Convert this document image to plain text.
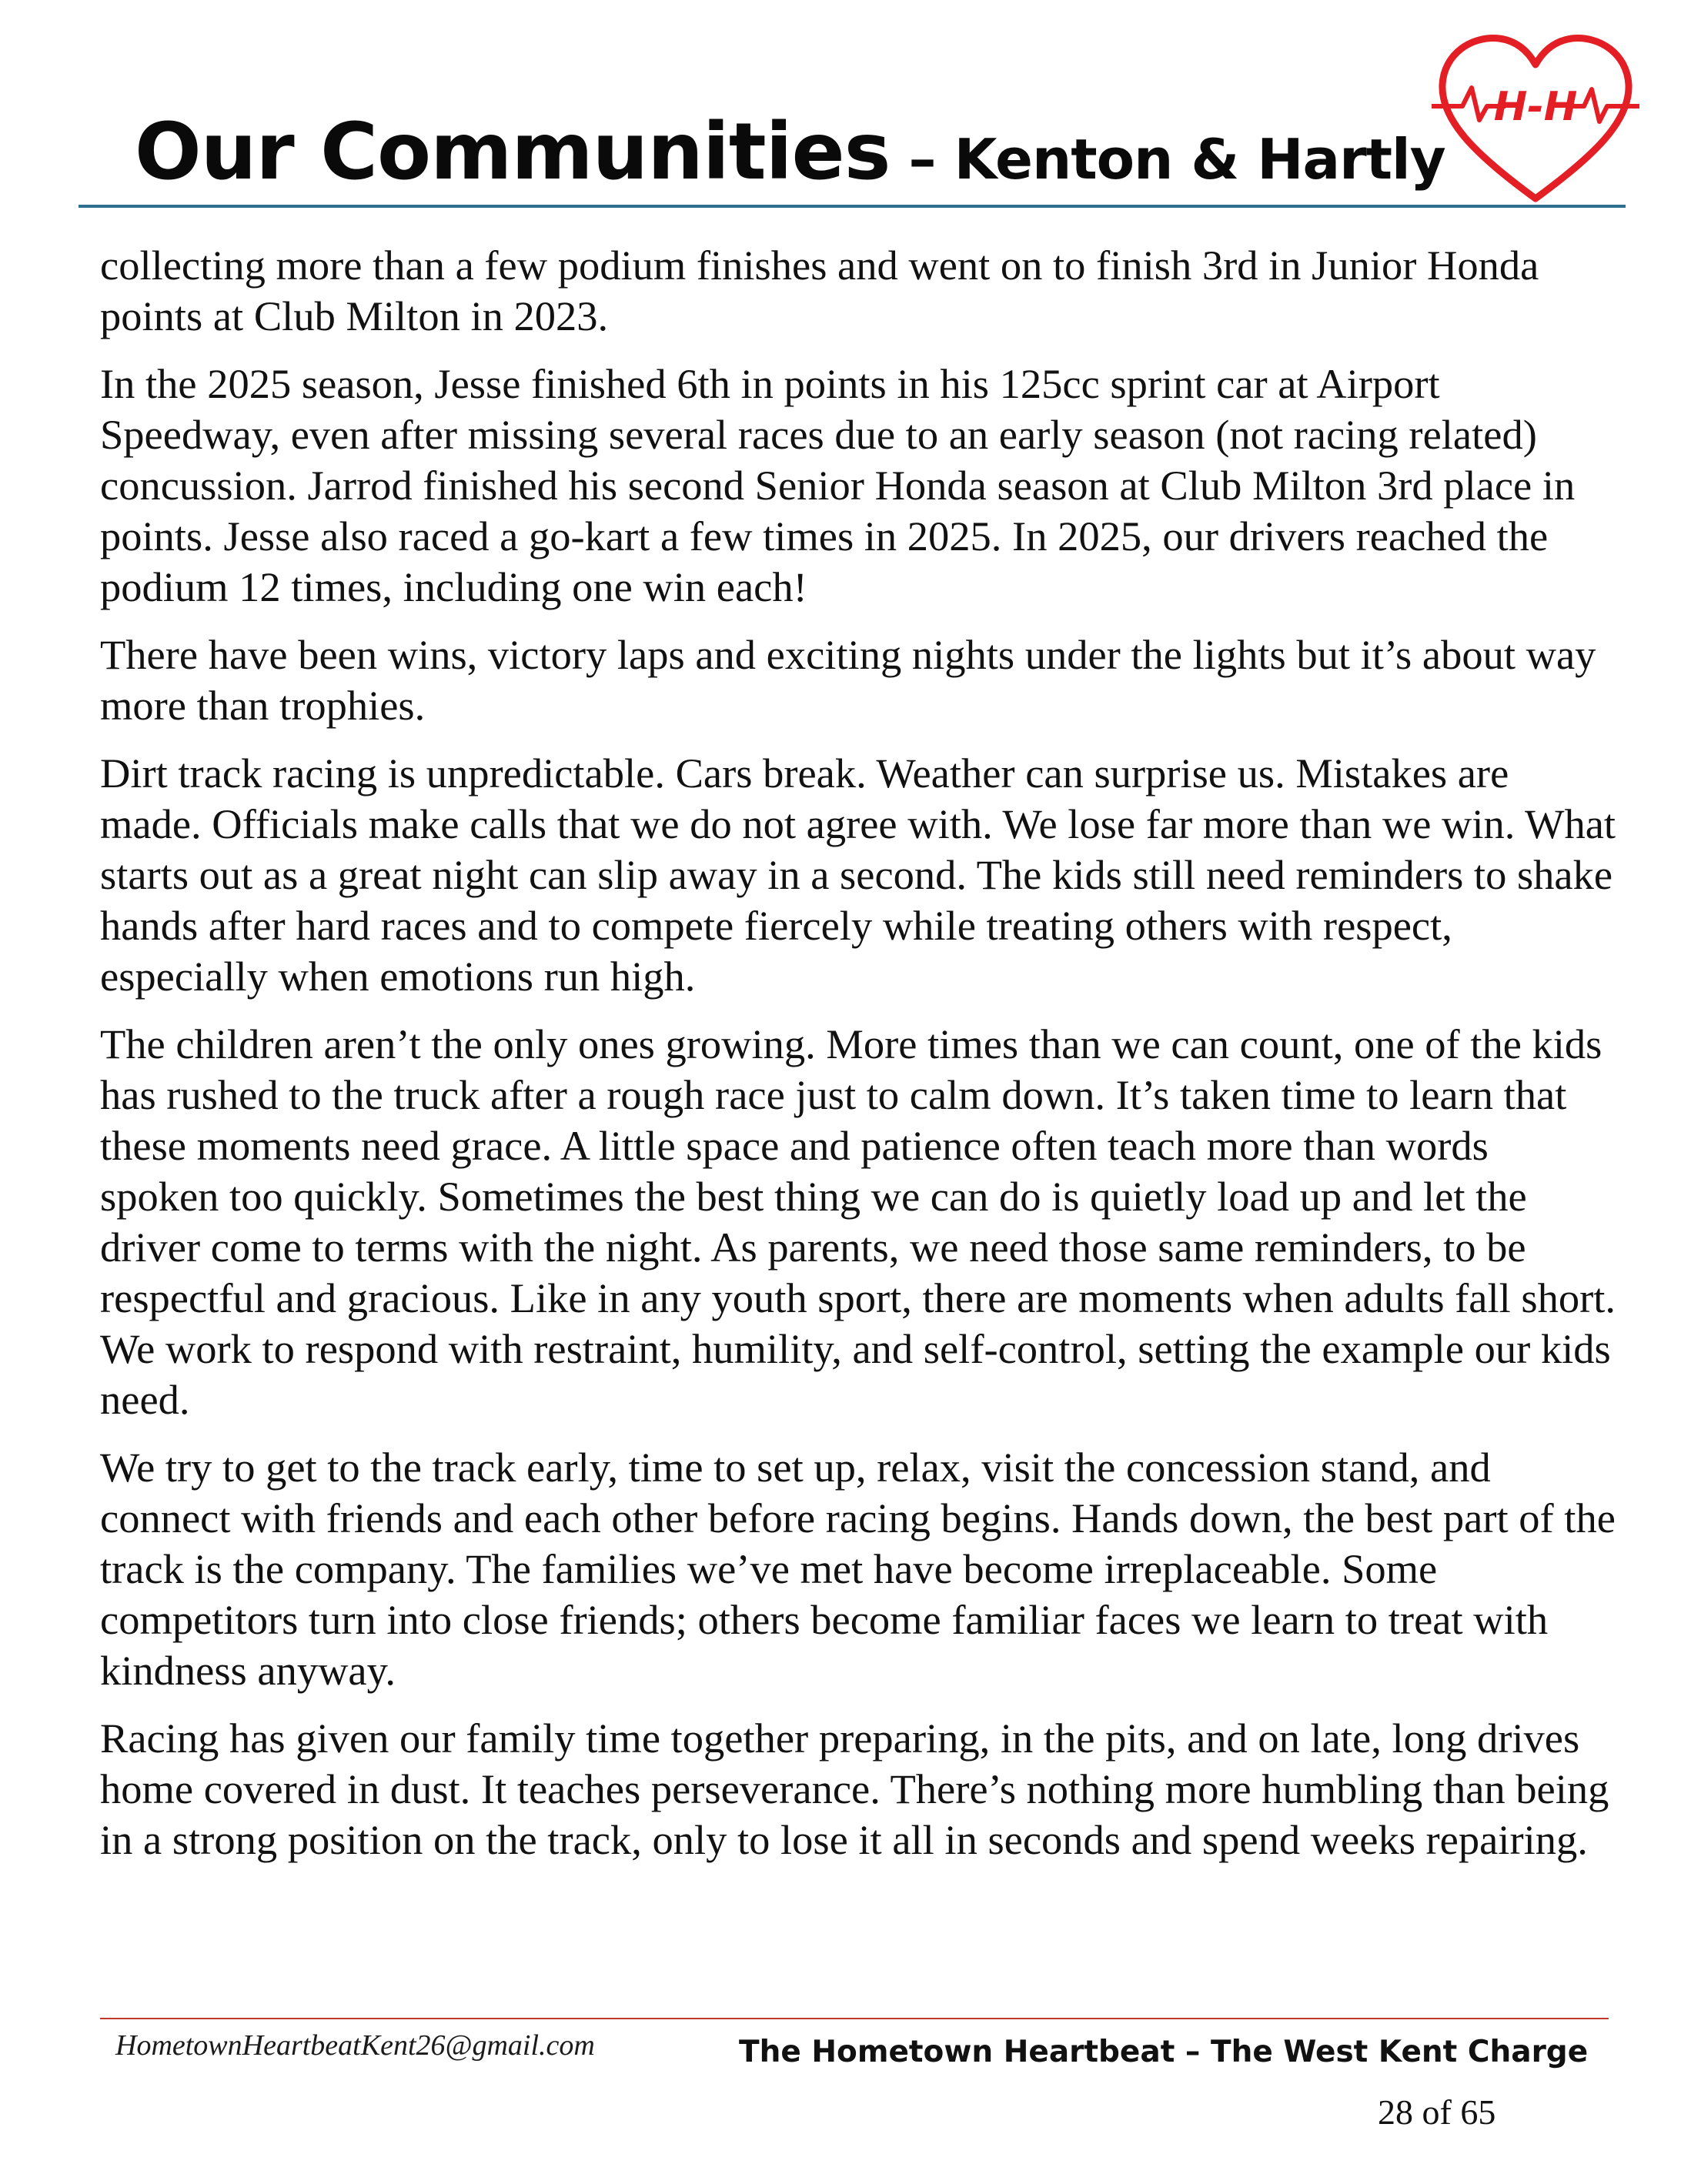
Our Communities – Kenton & Hartly
H-H

collecting more than a few podium finishes and went on to finish 3rd in Junior Honda points at Club Milton in 2023.

In the 2025 season, Jesse finished 6th in points in his 125cc sprint car at Airport Speedway, even after missing several races due to an early season (not racing related) concussion. Jarrod finished his second Senior Honda season at Club Milton 3rd place in points. Jesse also raced a go-kart a few times in 2025. In 2025, our drivers reached the podium 12 times, including one win each!

There have been wins, victory laps and exciting nights under the lights but it’s about way more than trophies.

Dirt track racing is unpredictable. Cars break. Weather can surprise us. Mistakes are made. Officials make calls that we do not agree with. We lose far more than we win. What starts out as a great night can slip away in a second. The kids still need reminders to shake hands after hard races and to compete fiercely while treating others with respect, especially when emotions run high.

The children aren’t the only ones growing. More times than we can count, one of the kids has rushed to the truck after a rough race just to calm down. It’s taken time to learn that these moments need grace. A little space and patience often teach more than words spoken too quickly. Sometimes the best thing we can do is quietly load up and let the driver come to terms with the night. As parents, we need those same reminders, to be respectful and gracious. Like in any youth sport, there are moments when adults fall short. We work to respond with restraint, humility, and self-control, setting the example our kids need.

We try to get to the track early, time to set up, relax, visit the concession stand, and connect with friends and each other before racing begins. Hands down, the best part of the track is the company. The families we’ve met have become irreplaceable. Some competitors turn into close friends; others become familiar faces we learn to treat with kindness anyway.

Racing has given our family time together preparing, in the pits, and on late, long drives home covered in dust. It teaches perseverance. There’s nothing more humbling than being in a strong position on the track, only to lose it all in seconds and spend weeks repairing.

HometownHeartbeatKent26@gmail.com	The Hometown Heartbeat – The West Kent Charge
28 of 65
